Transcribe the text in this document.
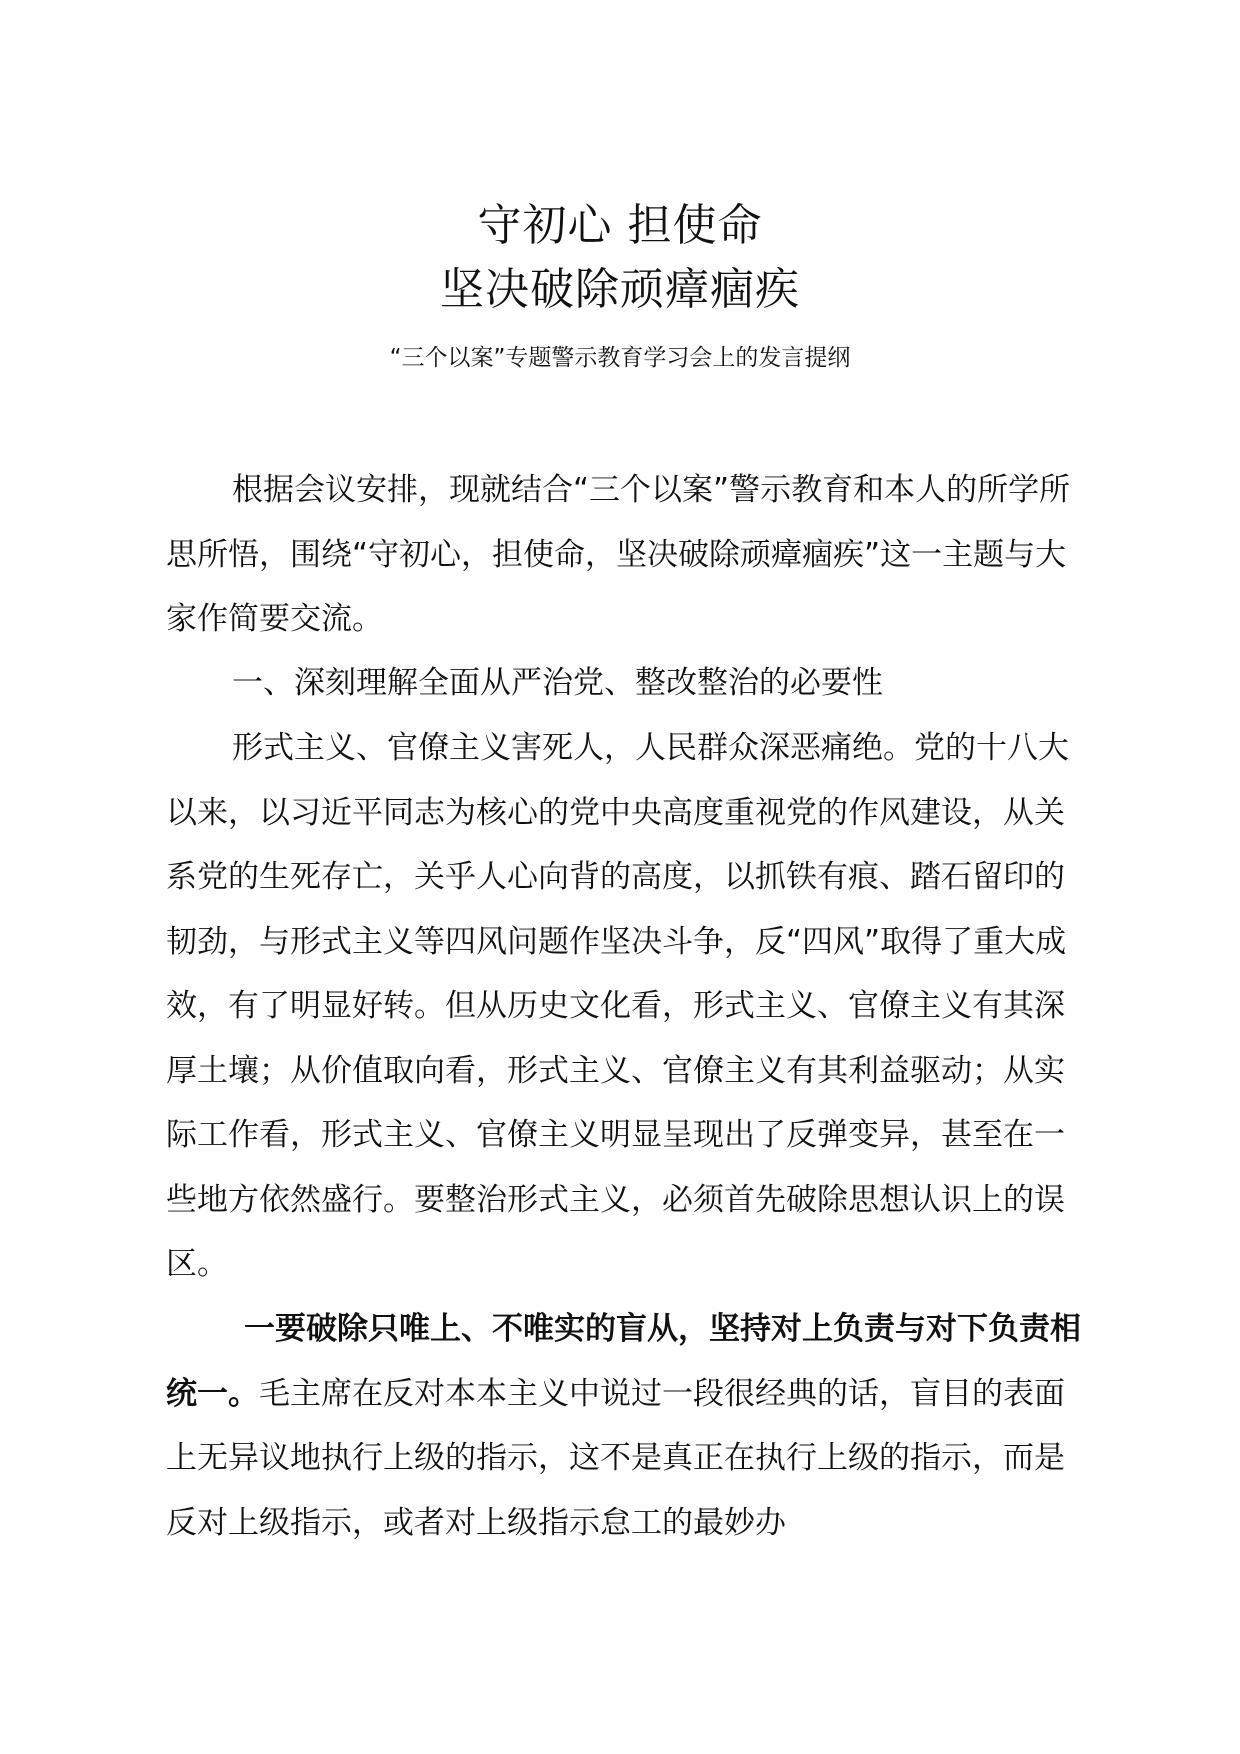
守初心 担使命
坚决破除顽瘴痼疾
“三个以案”专题警示教育学习会上的发言提纲

根据会议安排，现就结合“三个以案”警示教育和本人的所学所思所悟，围绕“守初心，担使命，坚决破除顽瘴痼疾”这一主题与大家作简要交流。

一、深刻理解全面从严治党、整改整治的必要性

形式主义、官僚主义害死人，人民群众深恶痛绝。党的十八大以来，以习近平同志为核心的党中央高度重视党的作风建设，从关系党的生死存亡，关乎人心向背的高度，以抓铁有痕、踏石留印的韧劲，与形式主义等四风问题作坚决斗争，反“四风”取得了重大成效，有了明显好转。但从历史文化看，形式主义、官僚主义有其深厚土壤；从价值取向看，形式主义、官僚主义有其利益驱动；从实际工作看，形式主义、官僚主义明显呈现出了反弹变异，甚至在一些地方依然盛行。要整治形式主义，必须首先破除思想认识上的误区。

一要破除只唯上、不唯实的盲从，坚持对上负责与对下负责相统一。毛主席在反对本本主义中说过一段很经典的话，盲目的表面上无异议地执行上级的指示，这不是真正在执行上级的指示，而是反对上级指示，或者对上级指示怠工的最妙办
